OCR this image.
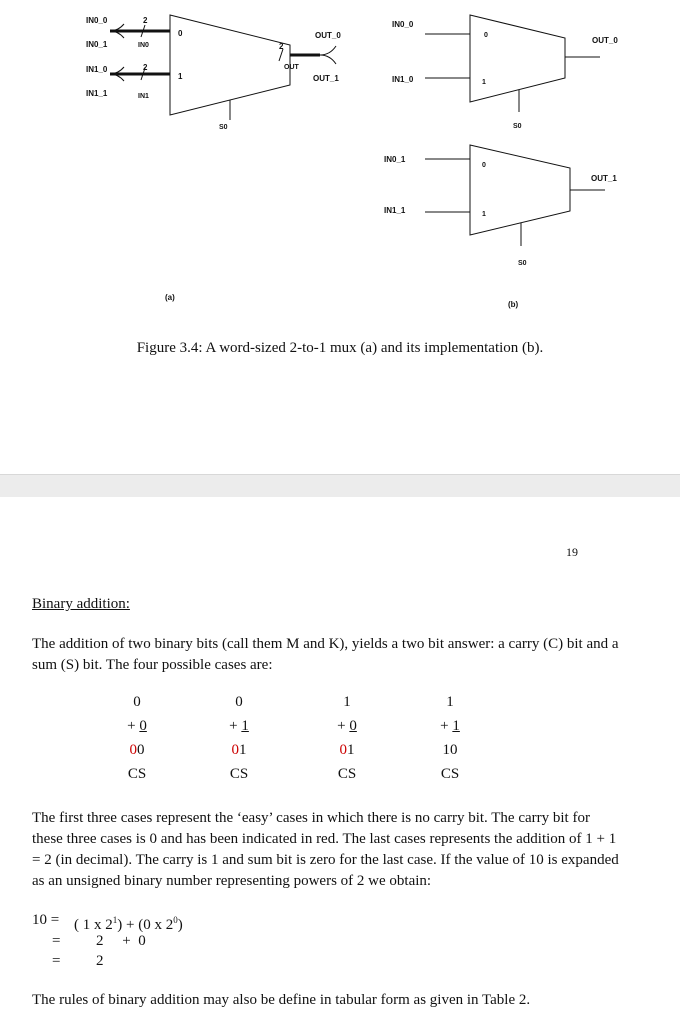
IN0_0
IN0_1
IN1_0
IN1_1
IN0
IN1
2
2
0
1
S0
2
OUT
OUT_0
OUT_1
(a)
IN0_0
IN1_0
0
1
OUT_0
S0
IN0_1
IN1_1
0
1
OUT_1
S0
(b)
Figure 3.4: A word-sized 2-to-1 mux (a) and its implementation (b).
19
Binary addition:
The addition of two binary bits (call them M and K), yields a two bit answer: a carry (C) bit and a
sum (S) bit. The four possible cases are:
0
+ 0
00
CS
0
+ 1
01
CS
1
+ 0
01
CS
1
+ 1
10
CS
The first three cases represent the ‘easy’ cases in which there is no carry bit. The carry bit for
these three cases is 0 and has been indicated in red. The last cases represents the addition of 1 + 1
= 2 (in decimal). The carry is 1 and sum bit is zero for the last case. If the value of 10 is expanded
as an unsigned binary number representing powers of 2 we obtain:
10 = ( 1 x $2^1) + (0$ x $2^0$)
= 2     +  0
= 2
The rules of binary addition may also be define in tabular form as given in Table 2.
